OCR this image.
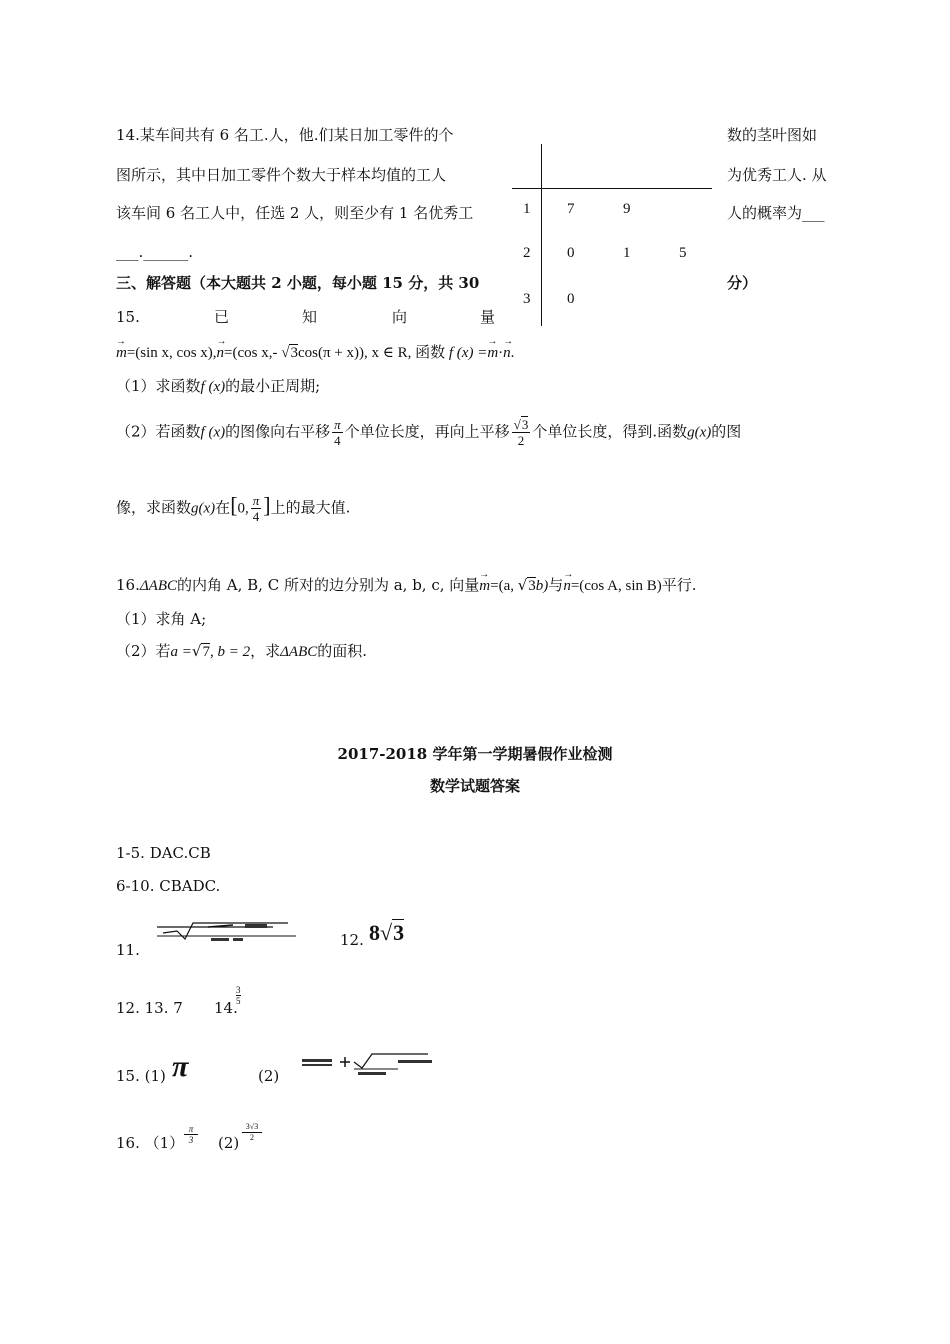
14.某车间共有 6 名工.人，他.们某日加工零件的个	数的茎叶图如
图所示，其中日加工零件个数大于样本均值的工人	为优秀工人. 从
该车间 6 名工人中，任选 2 人，则至少有 1 名优秀工	人的概率为___
___.______.
1 7	9
2 0	1	5
3 0
三、解答题（本大题共 2 小题，每小题 15 分，共 30	分）
15.	已	知	向	量
→ m=(sin x, cos x),→ n=(cos x,- √3cos(π + x)), x ∈ R, 函数 f (x) =→ m·→ n.
（1）求函数f (x)的最小正周期;
（2）若函数f (x)的图像向右平移 $\frac{\pi}{4}$ 个单位长度，再向上平移 $\frac{√3}{2}$ 个单位长度，得到.函数g(x)的图
像，求函数g(x)在[0, $\frac{\pi}{4}$ ]上的最大值.
16.ΔABC的内角 A, B, C 所对的边分别为 a, b, c, 向量→ m=(a, √3b)与→ n=(cos A, sin B)平行.
（1）求角 A;
（2）若a =√7, b = 2，求ΔABC的面积.
2017-2018 学年第一学期暑假作业检测
数学试题答案
1-5. DAC.CB
6-10. CBADC.
11.
12. 8√3
12. 13. 7 14.
3
5
15. (1) π	(2)
16. （1）
π
3	(2)
3√3
2
